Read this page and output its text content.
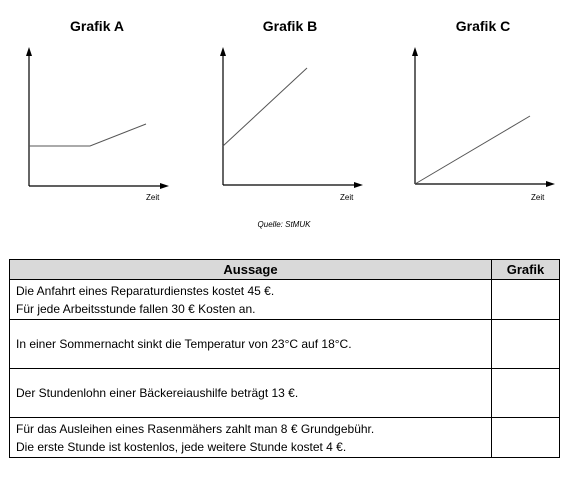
Grafik A
Zeit
Grafik B
Zeit
Grafik C
Zeit
Quelle: StMUK
Aussage	Grafik

Die Anfahrt eines Reparaturdienstes kostet 45 €.
Für jede Arbeitsstunde fallen 30 € Kosten an.	

In einer Sommernacht sinkt die Temperatur von 23°C auf 18°C.	

Der Stundenlohn einer Bäckereiaushilfe beträgt 13 €.	

Für das Ausleihen eines Rasenmähers zahlt man 8 € Grundgebühr.
Die erste Stunde ist kostenlos, jede weitere Stunde kostet 4 €.	
